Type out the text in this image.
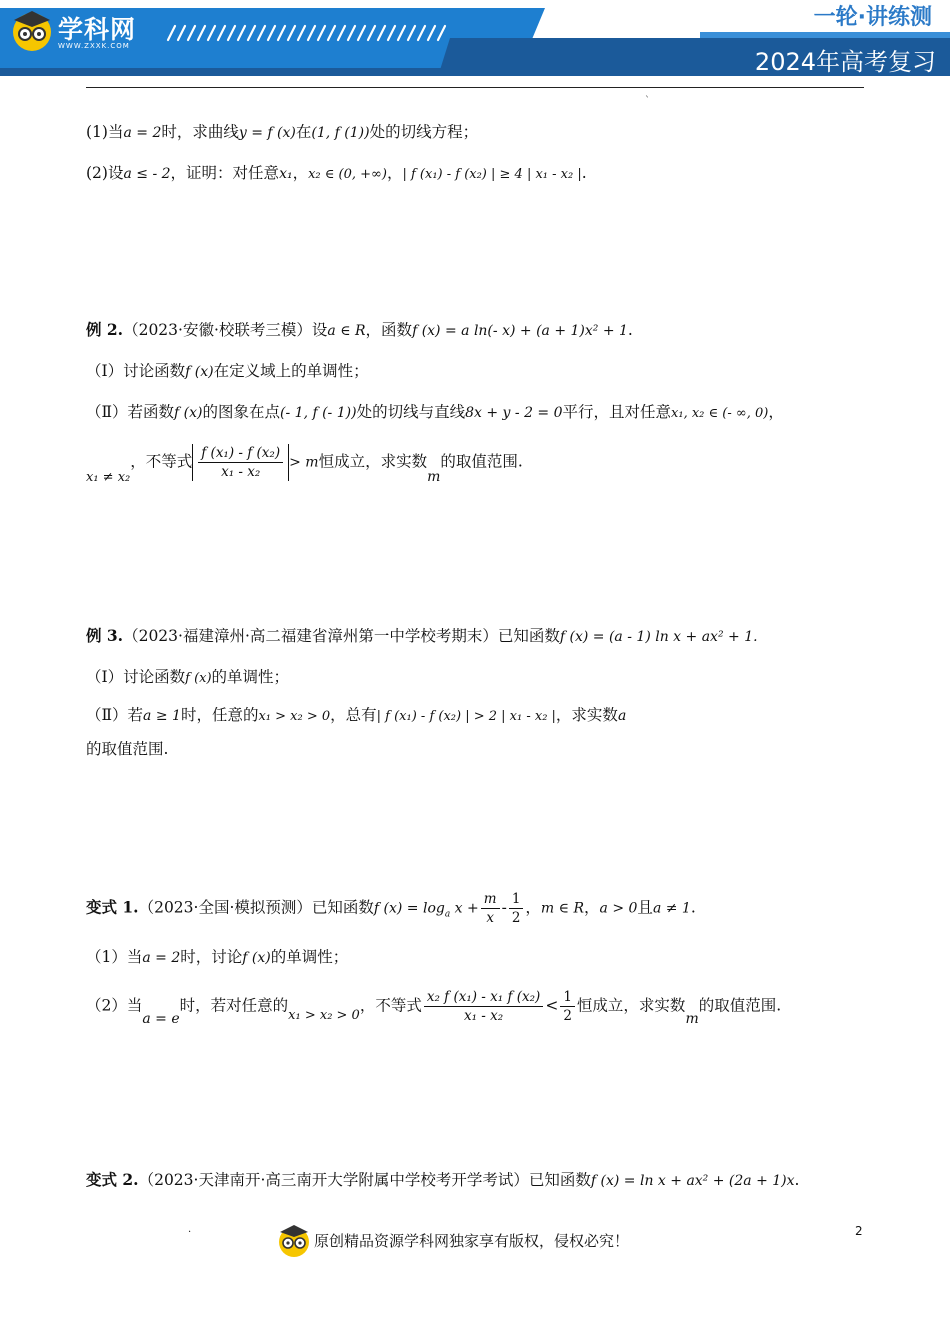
学科网
WWW.ZXXK.COM
一轮·讲练测
2024年高考复习
`
(1)当a = 2时，求曲线y = f (x)在(1, f (1))处的切线方程；
(2)设a ≤ - 2，证明：对任意x₁，x₂ ∈ (0, +∞)，| f (x₁) - f (x₂) | ≥ 4 | x₁ - x₂ |.
例 2.（2023·安徽·校联考三模）设a ∈ R，函数f (x) = a ln(- x) + (a + 1)x² + 1.
（Ⅰ）讨论函数f (x)在定义域上的单调性；
（Ⅱ）若函数f (x)的图象在点(- 1, f (- 1))处的切线与直线8x + y - 2 = 0平行，且对任意x₁, x₂ ∈ (- ∞, 0)，
$_{x_1 \ne x_2}$，不等式 $\frac{\text{f (x₁) - f (x₂)}}{\text{x₁ - x₂}} > m$恒成立，求实数m的取值范围.
例 3.（2023·福建漳州·高二福建省漳州第一中学校考期末）已知函数f (x) = (a - 1) ln x + ax² + 1.
（Ⅰ）讨论函数f (x)的单调性；
（Ⅱ）若a ≥ 1时，任意的x₁ > x₂ > 0，总有| f (x₁) - f (x₂) | > 2 | x₁ - x₂ |，求实数a
的取值范围.
变式 1.（2023·全国·模拟预测）已知函数f $(x) = \log_a x + \frac{m}{x} - \frac{1}{2}$ ，m ∈ R，a > 0且a ≠ 1.
（1）当a = 2时，讨论f (x)的单调性；
（2）当a = e时，若对任意的$_{x_1 > x_2 > 0}$，不等式 $\frac{\text{x₂ f (x₁) - x₁ f (x₂)}}{\text{x₁ - x₂}} < \frac{1}{2}$ 恒成立，求实数m的取值范围.
变式 2.（2023·天津南开·高三南开大学附属中学校考开学考试）已知函数f (x) = ln x + ax² + (2a + 1)x.
.
原创精品资源学科网独家享有版权，侵权必究！
2
